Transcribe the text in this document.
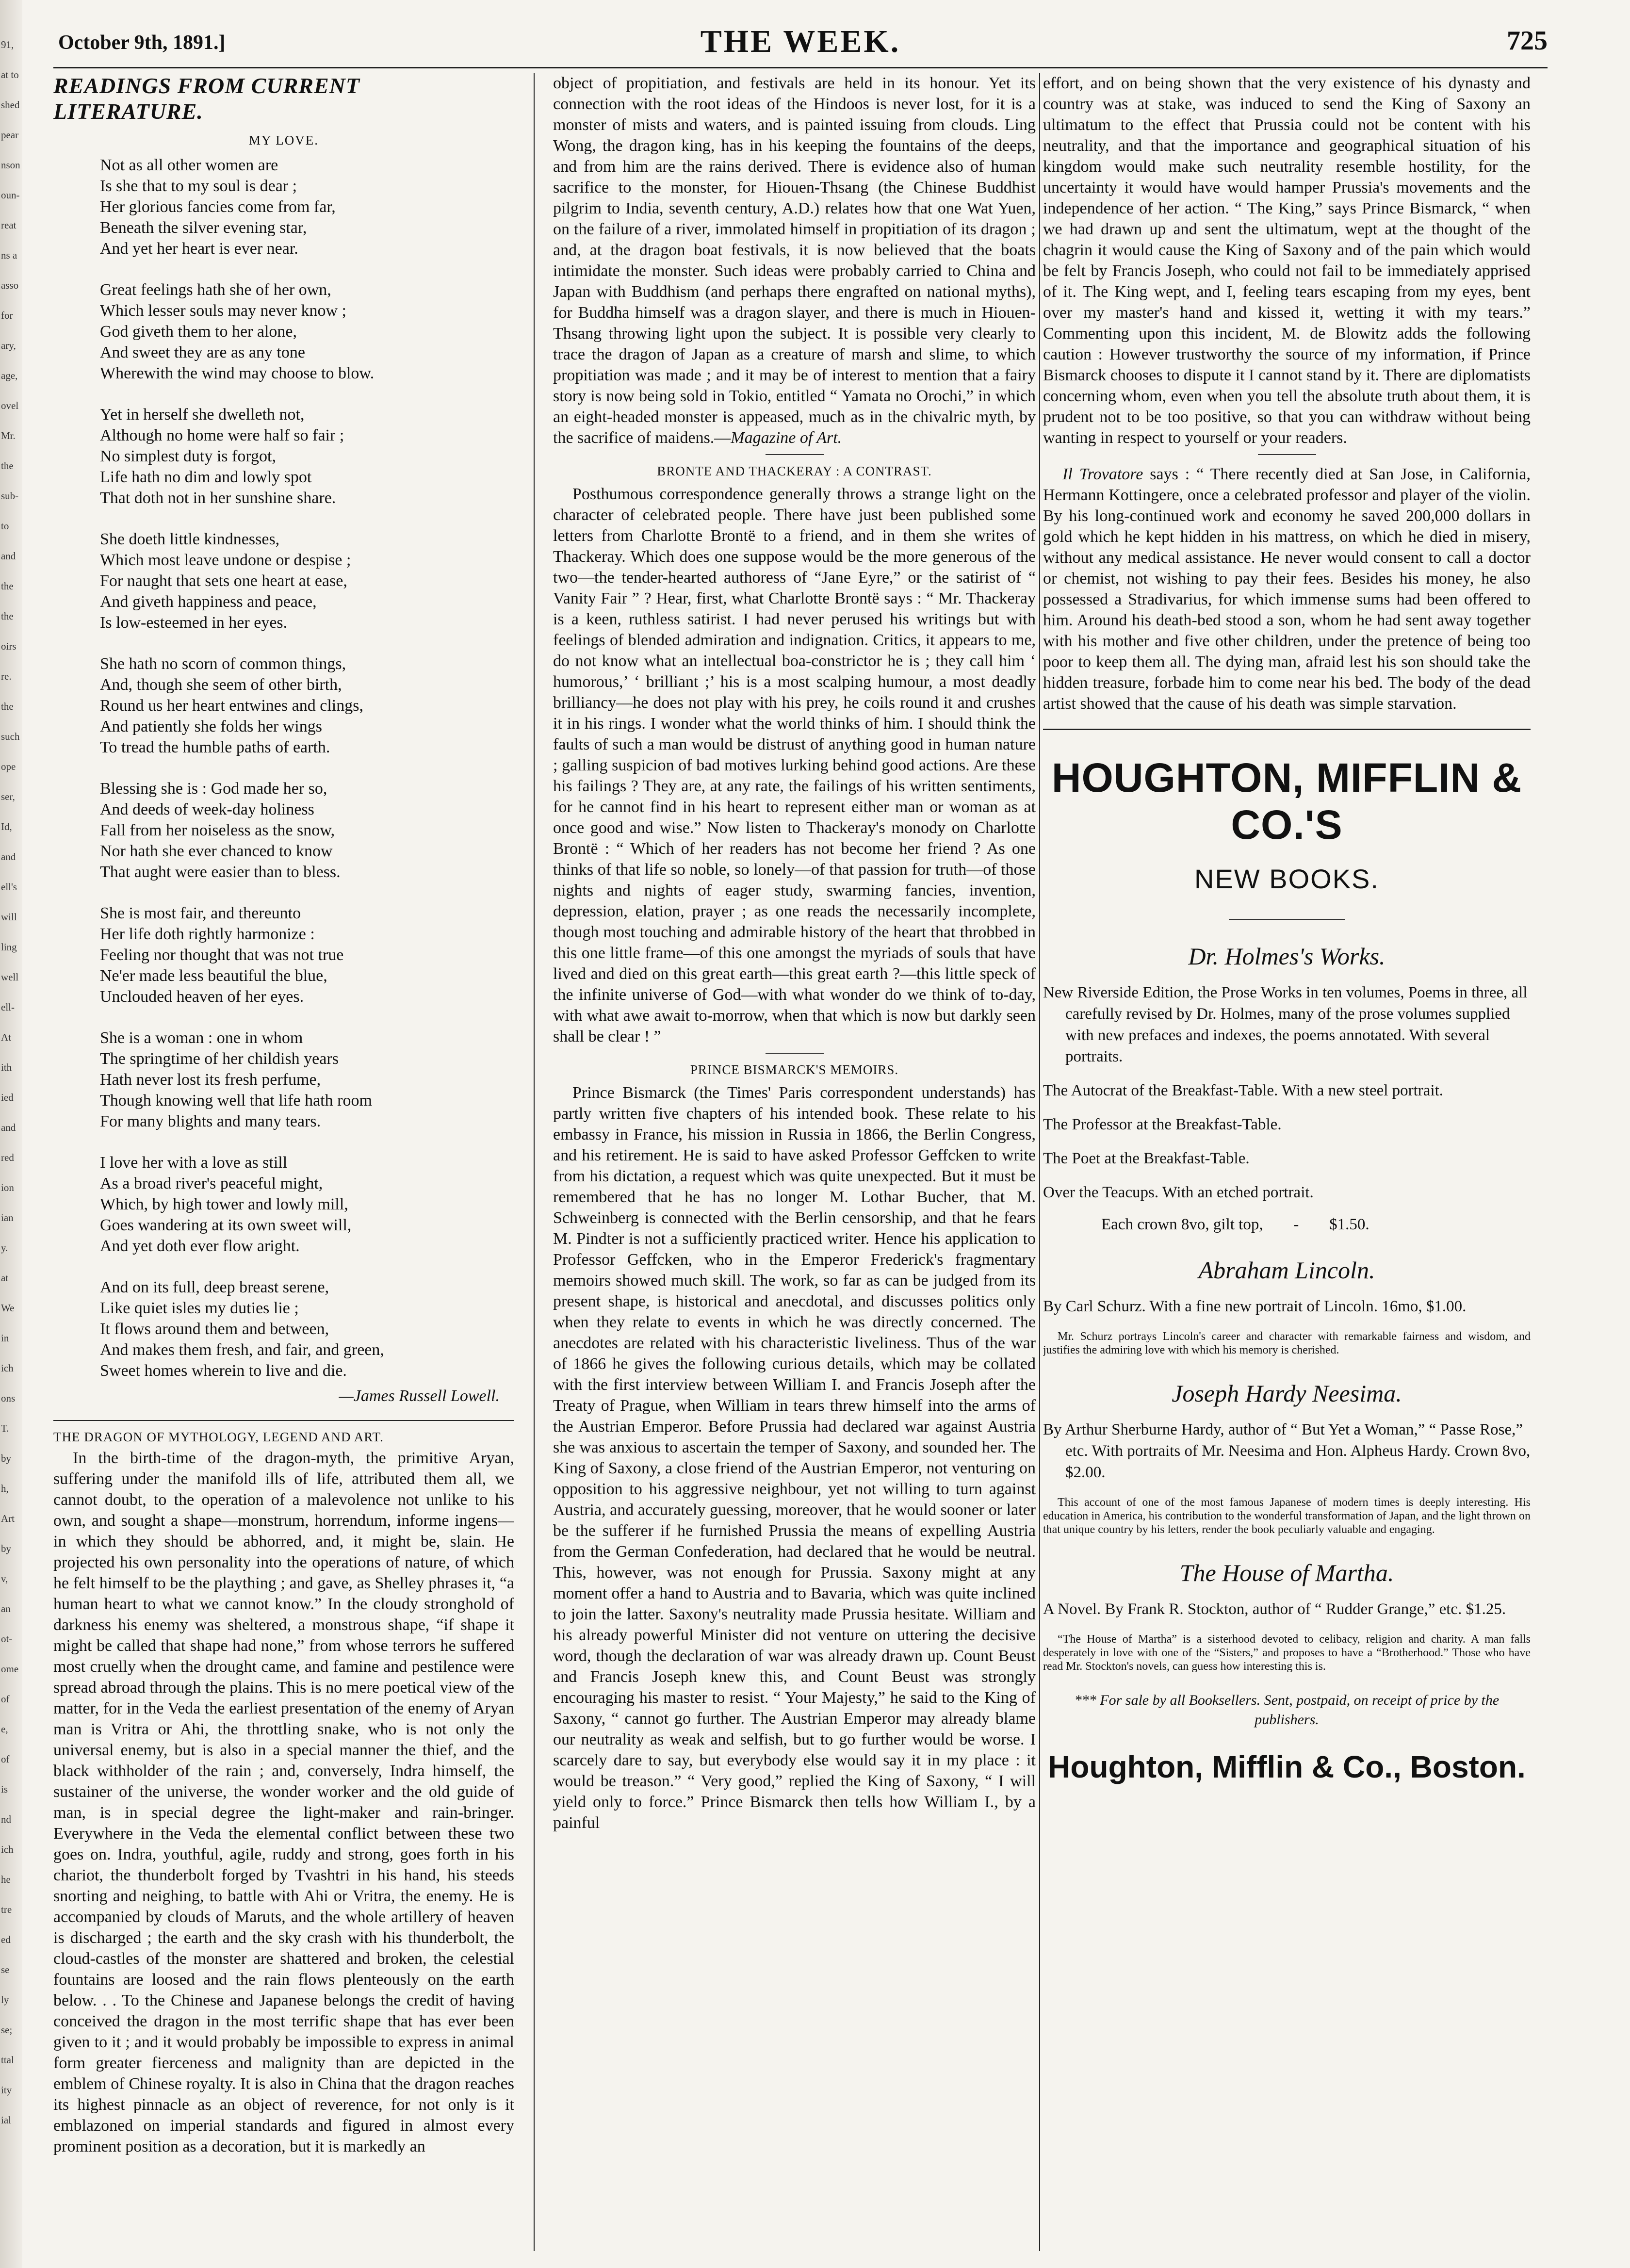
91,
at to
shed
pear
nson
oun-
reat
ns a
asso
for
ary,
age,
ovel
Mr.
the
sub-
to
and
the
the
oirs
re.
the
such
ope
ser,
Id,
and
ell's
will
ling
well
ell-
At
ith
ied
and
red
ion
ian
y.
at
We
in
ich
ons
T.
by
h,
Art
by
v,
an
ot-
ome
of
e,
of
is
nd
ich
he
tre
ed
se
ly
se;
ttal
ity
ial
October 9th, 1891.]	THE WEEK.	725
READINGS FROM CURRENT LITERATURE.
MY LOVE.
Not as all other women are
Is she that to my soul is dear ;
Her glorious fancies come from far,
Beneath the silver evening star,
And yet her heart is ever near.
Great feelings hath she of her own,
Which lesser souls may never know ;
God giveth them to her alone,
And sweet they are as any tone
Wherewith the wind may choose to blow.
Yet in herself she dwelleth not,
Although no home were half so fair ;
No simplest duty is forgot,
Life hath no dim and lowly spot
That doth not in her sunshine share.
She doeth little kindnesses,
Which most leave undone or despise ;
For naught that sets one heart at ease,
And giveth happiness and peace,
Is low-esteemed in her eyes.
She hath no scorn of common things,
And, though she seem of other birth,
Round us her heart entwines and clings,
And patiently she folds her wings
To tread the humble paths of earth.
Blessing she is : God made her so,
And deeds of week-day holiness
Fall from her noiseless as the snow,
Nor hath she ever chanced to know
That aught were easier than to bless.
She is most fair, and thereunto
Her life doth rightly harmonize :
Feeling nor thought that was not true
Ne'er made less beautiful the blue,
Unclouded heaven of her eyes.
She is a woman : one in whom
The springtime of her childish years
Hath never lost its fresh perfume,
Though knowing well that life hath room
For many blights and many tears.
I love her with a love as still
As a broad river's peaceful might,
Which, by high tower and lowly mill,
Goes wandering at its own sweet will,
And yet doth ever flow aright.
And on its full, deep breast serene,
Like quiet isles my duties lie ;
It flows around them and between,
And makes them fresh, and fair, and green,
Sweet homes wherein to live and die.
—James Russell Lowell.
THE DRAGON OF MYTHOLOGY, LEGEND AND ART.

In the birth-time of the dragon-myth, the primitive Aryan, suffering under the manifold ills of life, attributed them all, we cannot doubt, to the operation of a malevolence not unlike to his own, and sought a shape—monstrum, horrendum, informe ingens—in which they should be abhorred, and, it might be, slain. He projected his own personality into the operations of nature, of which he felt himself to be the plaything ; and gave, as Shelley phrases it, “a human heart to what we cannot know.” In the cloudy stronghold of darkness his enemy was sheltered, a monstrous shape, “if shape it might be called that shape had none,” from whose terrors he suffered most cruelly when the drought came, and famine and pestilence were spread abroad through the plains. This is no mere poetical view of the matter, for in the Veda the earliest presentation of the enemy of Aryan man is Vritra or Ahi, the throttling snake, who is not only the universal enemy, but is also in a special manner the thief, and the black withholder of the rain ; and, conversely, Indra himself, the sustainer of the universe, the wonder worker and the old guide of man, is in special degree the light-maker and rain-bringer. Everywhere in the Veda the elemental conflict between these two goes on. Indra, youthful, agile, ruddy and strong, goes forth in his chariot, the thunderbolt forged by Tvashtri in his hand, his steeds snorting and neighing, to battle with Ahi or Vritra, the enemy. He is accompanied by clouds of Maruts, and the whole artillery of heaven is discharged ; the earth and the sky crash with his thunderbolt, the cloud-castles of the monster are shattered and broken, the celestial fountains are loosed and the rain flows plenteously on the earth below. . . To the Chinese and Japanese belongs the credit of having conceived the dragon in the most terrific shape that has ever been given to it ; and it would probably be impossible to express in animal form greater fierceness and malignity than are depicted in the emblem of Chinese royalty. It is also in China that the dragon reaches its highest pinnacle as an object of reverence, for not only is it emblazoned on imperial standards and figured in almost every prominent position as a decoration, but it is markedly an

object of propitiation, and festivals are held in its honour. Yet its connection with the root ideas of the Hindoos is never lost, for it is a monster of mists and waters, and is painted issuing from clouds. Ling Wong, the dragon king, has in his keeping the fountains of the deeps, and from him are the rains derived. There is evidence also of human sacrifice to the monster, for Hiouen-Thsang (the Chinese Buddhist pilgrim to India, seventh century, A.D.) relates how that one Wat Yuen, on the failure of a river, immolated himself in propitiation of its dragon ; and, at the dragon boat festivals, it is now believed that the boats intimidate the monster. Such ideas were probably carried to China and Japan with Buddhism (and perhaps there engrafted on national myths), for Buddha himself was a dragon slayer, and there is much in Hiouen-Thsang throwing light upon the subject. It is possible very clearly to trace the dragon of Japan as a creature of marsh and slime, to which propitiation was made ; and it may be of interest to mention that a fairy story is now being sold in Tokio, entitled “ Yamata no Orochi,” in which an eight-headed monster is appeased, much as in the chivalric myth, by the sacrifice of maidens.—Magazine of Art.

BRONTE AND THACKERAY : A CONTRAST.

Posthumous correspondence generally throws a strange light on the character of celebrated people. There have just been published some letters from Charlotte Brontë to a friend, and in them she writes of Thackeray. Which does one suppose would be the more generous of the two—the tender-hearted authoress of “Jane Eyre,” or the satirist of “ Vanity Fair ” ? Hear, first, what Charlotte Brontë says : “ Mr. Thackeray is a keen, ruthless satirist. I had never perused his writings but with feelings of blended admiration and indignation. Critics, it appears to me, do not know what an intellectual boa-constrictor he is ; they call him ‘ humorous,’ ‘ brilliant ;’ his is a most scalping humour, a most deadly brilliancy—he does not play with his prey, he coils round it and crushes it in his rings. I wonder what the world thinks of him. I should think the faults of such a man would be distrust of anything good in human nature ; galling suspicion of bad motives lurking behind good actions. Are these his failings ? They are, at any rate, the failings of his written sentiments, for he cannot find in his heart to represent either man or woman as at once good and wise.” Now listen to Thackeray's monody on Charlotte Brontë : “ Which of her readers has not become her friend ? As one thinks of that life so noble, so lonely—of that passion for truth—of those nights and nights of eager study, swarming fancies, invention, depression, elation, prayer ; as one reads the necessarily incomplete, though most touching and admirable history of the heart that throbbed in this one little frame—of this one amongst the myriads of souls that have lived and died on this great earth—this great earth ?—this little speck of the infinite universe of God—with what wonder do we think of to-day, with what awe await to-morrow, when that which is now but darkly seen shall be clear ! ”

PRINCE BISMARCK'S MEMOIRS.

Prince Bismarck (the Times' Paris correspondent understands) has partly written five chapters of his intended book. These relate to his embassy in France, his mission in Russia in 1866, the Berlin Congress, and his retirement. He is said to have asked Professor Geffcken to write from his dictation, a request which was quite unexpected. But it must be remembered that he has no longer M. Lothar Bucher, that M. Schweinberg is connected with the Berlin censorship, and that he fears M. Pindter is not a sufficiently practiced writer. Hence his application to Professor Geffcken, who in the Emperor Frederick's fragmentary memoirs showed much skill. The work, so far as can be judged from its present shape, is historical and anecdotal, and discusses politics only when they relate to events in which he was directly concerned. The anecdotes are related with his characteristic liveliness. Thus of the war of 1866 he gives the following curious details, which may be collated with the first interview between William I. and Francis Joseph after the Treaty of Prague, when William in tears threw himself into the arms of the Austrian Emperor. Before Prussia had declared war against Austria she was anxious to ascertain the temper of Saxony, and sounded her. The King of Saxony, a close friend of the Austrian Emperor, not venturing on opposition to his aggressive neighbour, yet not willing to turn against Austria, and accurately guessing, moreover, that he would sooner or later be the sufferer if he furnished Prussia the means of expelling Austria from the German Confederation, had declared that he would be neutral. This, however, was not enough for Prussia. Saxony might at any moment offer a hand to Austria and to Bavaria, which was quite inclined to join the latter. Saxony's neutrality made Prussia hesitate. William and his already powerful Minister did not venture on uttering the decisive word, though the declaration of war was already drawn up. Count Beust and Francis Joseph knew this, and Count Beust was strongly encouraging his master to resist. “ Your Majesty,” he said to the King of Saxony, “ cannot go further. The Austrian Emperor may already blame our neutrality as weak and selfish, but to go further would be worse. I scarcely dare to say, but everybody else would say it in my place : it would be treason.” “ Very good,” replied the King of Saxony, “ I will yield only to force.” Prince Bismarck then tells how William I., by a painful

effort, and on being shown that the very existence of his dynasty and country was at stake, was induced to send the King of Saxony an ultimatum to the effect that Prussia could not be content with his neutrality, and that the importance and geographical situation of his kingdom would make such neutrality resemble hostility, for the uncertainty it would have would hamper Prussia's movements and the independence of her action. “ The King,” says Prince Bismarck, “ when we had drawn up and sent the ultimatum, wept at the thought of the chagrin it would cause the King of Saxony and of the pain which would be felt by Francis Joseph, who could not fail to be immediately apprised of it. The King wept, and I, feeling tears escaping from my eyes, bent over my master's hand and kissed it, wetting it with my tears.” Commenting upon this incident, M. de Blowitz adds the following caution : However trustworthy the source of my information, if Prince Bismarck chooses to dispute it I cannot stand by it. There are diplomatists concerning whom, even when you tell the absolute truth about them, it is prudent not to be too positive, so that you can withdraw without being wanting in respect to yourself or your readers.

Il Trovatore says : “ There recently died at San Jose, in California, Hermann Kottingere, once a celebrated professor and player of the violin. By his long-continued work and economy he saved 200,000 dollars in gold which he kept hidden in his mattress, on which he died in misery, without any medical assistance. He never would consent to call a doctor or chemist, not wishing to pay their fees. Besides his money, he also possessed a Stradivarius, for which immense sums had been offered to him. Around his death-bed stood a son, whom he had sent away together with his mother and five other children, under the pretence of being too poor to keep them all. The dying man, afraid lest his son should take the hidden treasure, forbade him to come near his bed. The body of the dead artist showed that the cause of his death was simple starvation.

HOUGHTON, MIFFLIN & CO.'S
NEW BOOKS.
Dr. Holmes's Works.

New Riverside Edition, the Prose Works in ten volumes, Poems in three, all carefully revised by Dr. Holmes, many of the prose volumes supplied with new prefaces and indexes, the poems annotated. With several portraits.

The Autocrat of the Breakfast-Table. With a new steel portrait.

The Professor at the Breakfast-Table.

The Poet at the Breakfast-Table.

Over the Teacups. With an etched portrait.

Each crown 8vo, gilt top, - $1.50.
Abraham Lincoln.

By Carl Schurz. With a fine new portrait of Lincoln. 16mo, $1.00.

Mr. Schurz portrays Lincoln's career and character with remarkable fairness and wisdom, and justifies the admiring love with which his memory is cherished.

Joseph Hardy Neesima.

By Arthur Sherburne Hardy, author of “ But Yet a Woman,” “ Passe Rose,” etc. With portraits of Mr. Neesima and Hon. Alpheus Hardy. Crown 8vo, $2.00.

This account of one of the most famous Japanese of modern times is deeply interesting. His education in America, his contribution to the wonderful transformation of Japan, and the light thrown on that unique country by his letters, render the book peculiarly valuable and engaging.

The House of Martha.

A Novel. By Frank R. Stockton, author of “ Rudder Grange,” etc. $1.25.

“The House of Martha” is a sisterhood devoted to celibacy, religion and charity. A man falls desperately in love with one of the “Sisters,” and proposes to have a “Brotherhood.” Those who have read Mr. Stockton's novels, can guess how interesting this is.

*** For sale by all Booksellers. Sent, postpaid, on receipt of price by the publishers.

Houghton, Mifflin & Co., Boston.
